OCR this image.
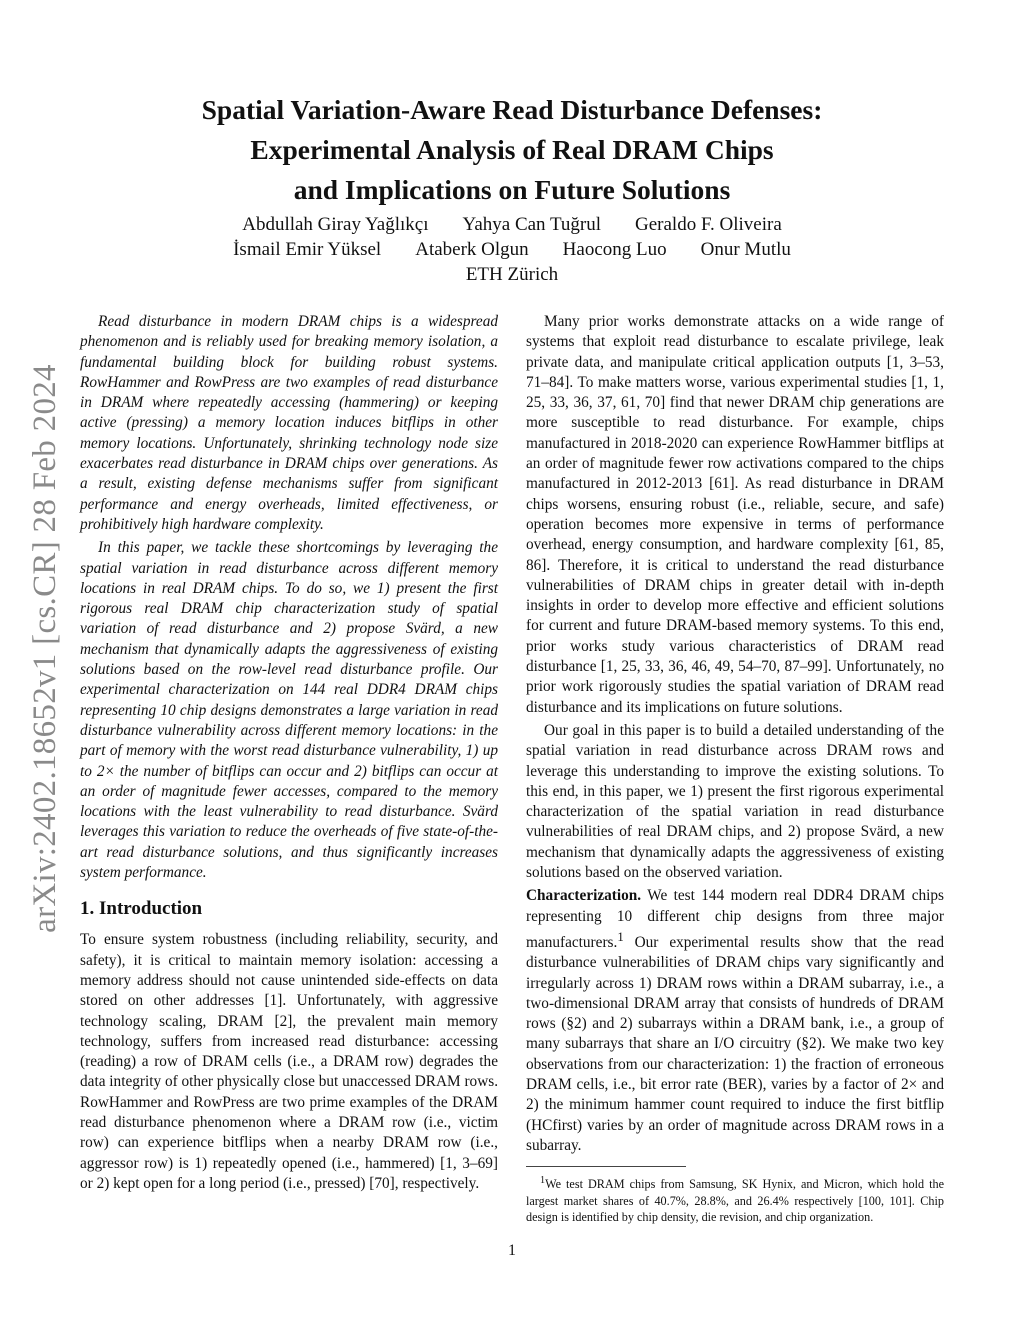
arXiv:2402.18652v1 [cs.CR] 28 Feb 2024
Spatial Variation-Aware Read Disturbance Defenses:
Experimental Analysis of Real DRAM Chips
and Implications on Future Solutions
Abdullah Giray Yağlıkçı Yahya Can Tuğrul Geraldo F. Oliveira
İsmail Emir Yüksel Ataberk Olgun Haocong Luo Onur Mutlu
ETH Zürich

Read disturbance in modern DRAM chips is a widespread phenomenon and is reliably used for breaking memory isolation, a fundamental building block for building robust systems. RowHammer and RowPress are two examples of read disturbance in DRAM where repeatedly accessing (hammering) or keeping active (pressing) a memory location induces bitflips in other memory locations. Unfortunately, shrinking technology node size exacerbates read disturbance in DRAM chips over generations. As a result, existing defense mechanisms suffer from significant performance and energy overheads, limited effectiveness, or prohibitively high hardware complexity.

In this paper, we tackle these shortcomings by leveraging the spatial variation in read disturbance across different memory locations in real DRAM chips. To do so, we 1) present the first rigorous real DRAM chip characterization study of spatial variation of read disturbance and 2) propose Svärd, a new mechanism that dynamically adapts the aggressiveness of existing solutions based on the row-level read disturbance profile. Our experimental characterization on 144 real DDR4 DRAM chips representing 10 chip designs demonstrates a large variation in read disturbance vulnerability across different memory locations: in the part of memory with the worst read disturbance vulnerability, 1) up to 2× the number of bitflips can occur and 2) bitflips can occur at an order of magnitude fewer accesses, compared to the memory locations with the least vulnerability to read disturbance. Svärd leverages this variation to reduce the overheads of five state-of-the-art read disturbance solutions, and thus significantly increases system performance.

1. Introduction

To ensure system robustness (including reliability, security, and safety), it is critical to maintain memory isolation: accessing a memory address should not cause unintended side-effects on data stored on other addresses [1]. Unfortunately, with aggressive technology scaling, DRAM [2], the prevalent main memory technology, suffers from increased read disturbance: accessing (reading) a row of DRAM cells (i.e., a DRAM row) degrades the data integrity of other physically close but unaccessed DRAM rows. RowHammer and RowPress are two prime examples of the DRAM read disturbance phenomenon where a DRAM row (i.e., victim row) can experience bitflips when a nearby DRAM row (i.e., aggressor row) is 1) repeatedly opened (i.e., hammered) [1, 3–69] or 2) kept open for a long period (i.e., pressed) [70], respectively.

Many prior works demonstrate attacks on a wide range of systems that exploit read disturbance to escalate privilege, leak private data, and manipulate critical application outputs [1, 3–53, 71–84]. To make matters worse, various experimental studies [1, 1, 25, 33, 36, 37, 61, 70] find that newer DRAM chip generations are more susceptible to read disturbance. For example, chips manufactured in 2018-2020 can experience RowHammer bitflips at an order of magnitude fewer row activations compared to the chips manufactured in 2012-2013 [61]. As read disturbance in DRAM chips worsens, ensuring robust (i.e., reliable, secure, and safe) operation becomes more expensive in terms of performance overhead, energy consumption, and hardware complexity [61, 85, 86]. Therefore, it is critical to understand the read disturbance vulnerabilities of DRAM chips in greater detail with in-depth insights in order to develop more effective and efficient solutions for current and future DRAM-based memory systems. To this end, prior works study various characteristics of DRAM read disturbance [1, 25, 33, 36, 46, 49, 54–70, 87–99]. Unfortunately, no prior work rigorously studies the spatial variation of DRAM read disturbance and its implications on future solutions.

Our goal in this paper is to build a detailed understanding of the spatial variation in read disturbance across DRAM rows and leverage this understanding to improve the existing solutions. To this end, in this paper, we 1) present the first rigorous experimental characterization of the spatial variation in read disturbance vulnerabilities of real DRAM chips, and 2) propose Svärd, a new mechanism that dynamically adapts the aggressiveness of existing solutions based on the observed variation.

Characterization. We test 144 modern real DDR4 DRAM chips representing 10 different chip designs from three major manufacturers.$^1$ Our experimental results show that the read disturbance vulnerabilities of DRAM chips vary significantly and irregularly across 1) DRAM rows within a DRAM subarray, i.e., a two-dimensional DRAM array that consists of hundreds of DRAM rows (§2) and 2) subarrays within a DRAM bank, i.e., a group of many subarrays that share an I/O circuitry (§2). We make two key observations from our characterization: 1) the fraction of erroneous DRAM cells, i.e., bit error rate (BER), varies by a factor of 2× and 2) the minimum hammer count required to induce the first bitflip (HCfirst) varies by an order of magnitude across DRAM rows in a subarray.

$^1$We test DRAM chips from Samsung, SK Hynix, and Micron, which hold the largest market shares of 40.7%, 28.8%, and 26.4% respectively [100, 101]. Chip design is identified by chip density, die revision, and chip organization.

1
